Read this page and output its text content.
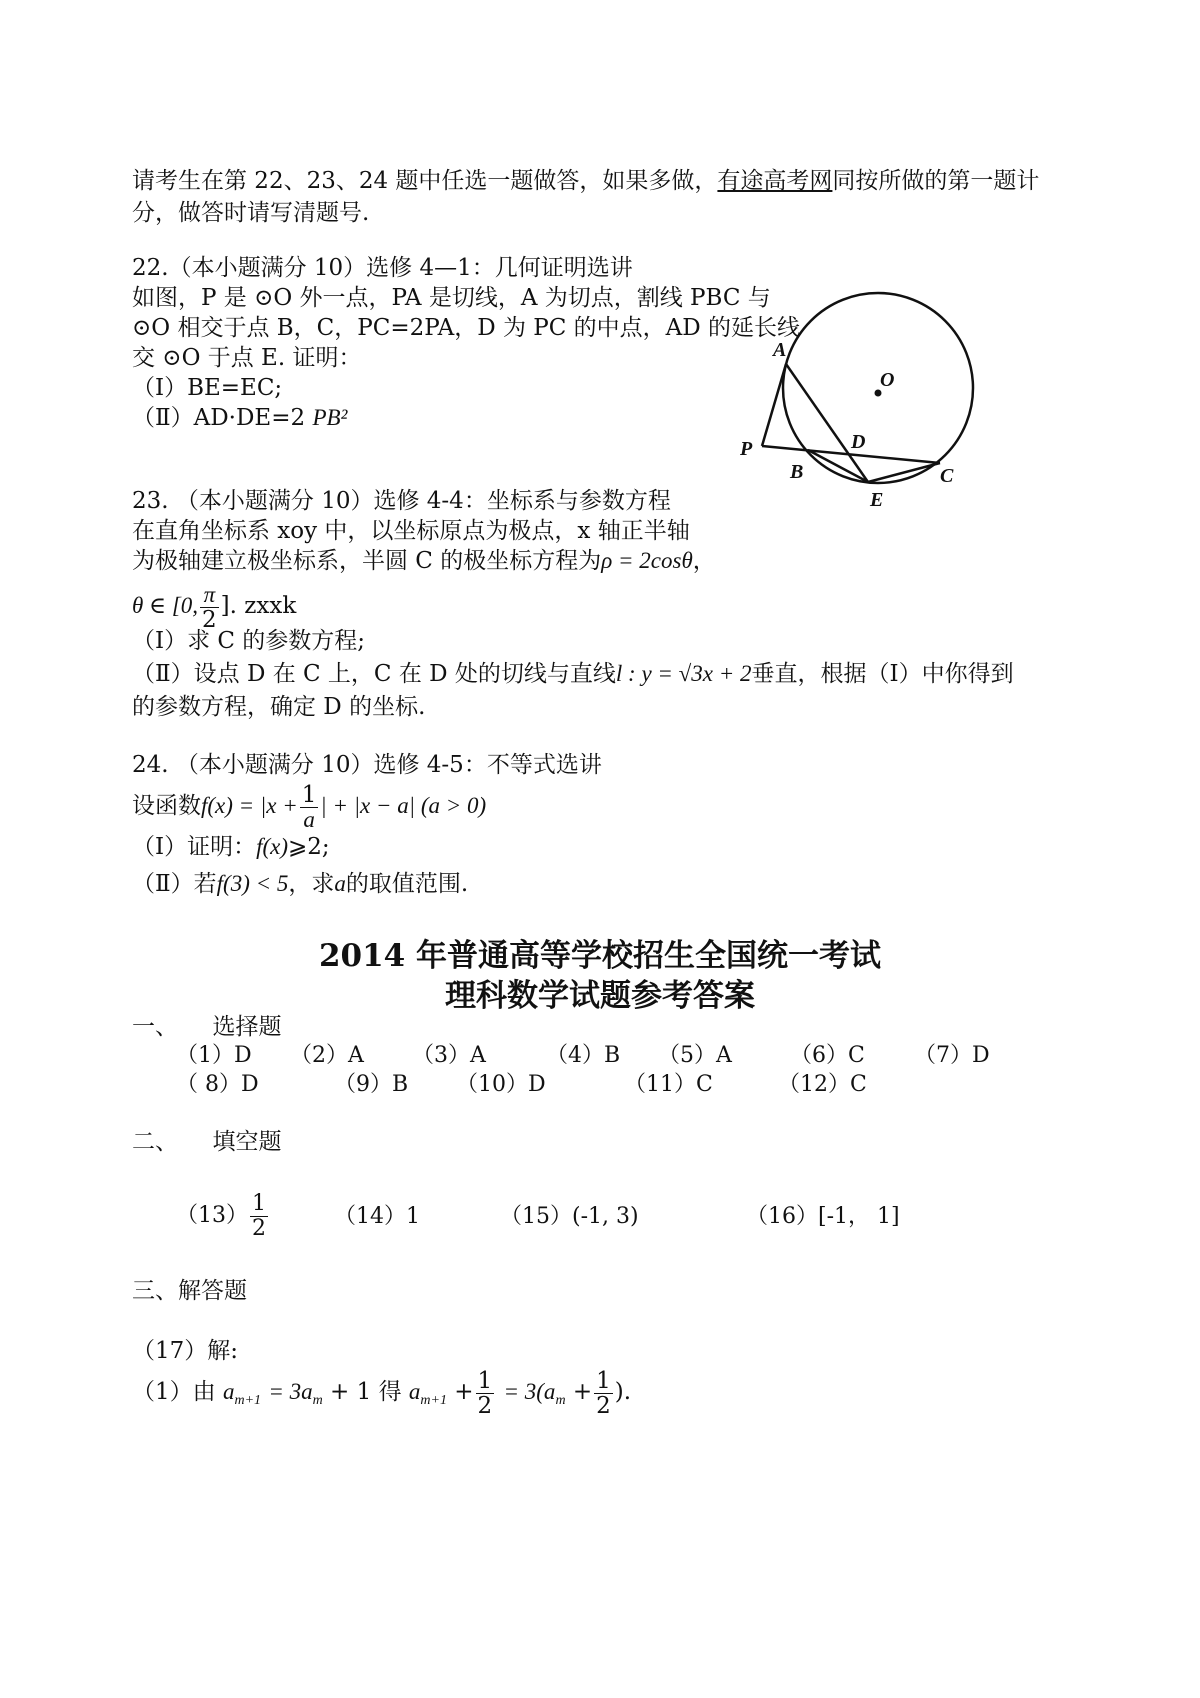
请考生在第 22、23、24 题中任选一题做答，如果多做，有途高考网同按所做的第一题计
分，做答时请写清题号.
22.（本小题满分 10）选修 4—1：几何证明选讲
如图，P 是 ⊙O 外一点，PA 是切线，A 为切点，割线 PBC 与
⊙O 相交于点 B，C，PC=2PA，D 为 PC 的中点，AD 的延长线
交 ⊙O 于点 E. 证明：
（Ⅰ）BE=EC;
（Ⅱ）AD·DE=2 PB²
A
O
D
P
B	C
E
23. （本小题满分 10）选修 4-4：坐标系与参数方程
在直角坐标系 xoy 中，以坐标原点为极点，x 轴正半轴
为极轴建立极坐标系，半圆 C 的极坐标方程为ρ = 2cosθ，
θ ∈ [0, $\frac{\pi}{2}$ ]. zxxk
（Ⅰ）求 C 的参数方程;
（Ⅱ）设点 D 在 C 上，C 在 D 处的切线与直线l : y = √3x + 2垂直，根据（Ⅰ）中你得到
的参数方程，确定 D 的坐标.
24. （本小题满分 10）选修 4-5：不等式选讲
设函数$f(x) = |x + \frac{1}{a}$ | + |x − a| (a > 0)
（Ⅰ）证明：f(x)⩾2;
（Ⅱ）若f(3) < 5，求a的取值范围.
2014 年普通高等学校招生全国统一考试
理科数学试题参考答案
一、　　选择题
（1）D （2）A （3）A	（4）B （5）A	（6）C （7）D
（ 8）D	（9）B （10）D	（11）C	（12）C
二、　　填空题
$(13) \frac{1}{2}$	（14）1	（15）(-1, 3)	（16）[-1， 1]
三、解答题
（17）解:
（1）由 $a_{m+1} = 3a_m + 1$ 得 $a_{m+1} + \frac{1}{2} = 3(a_m + \frac{1}{2}$ ).
